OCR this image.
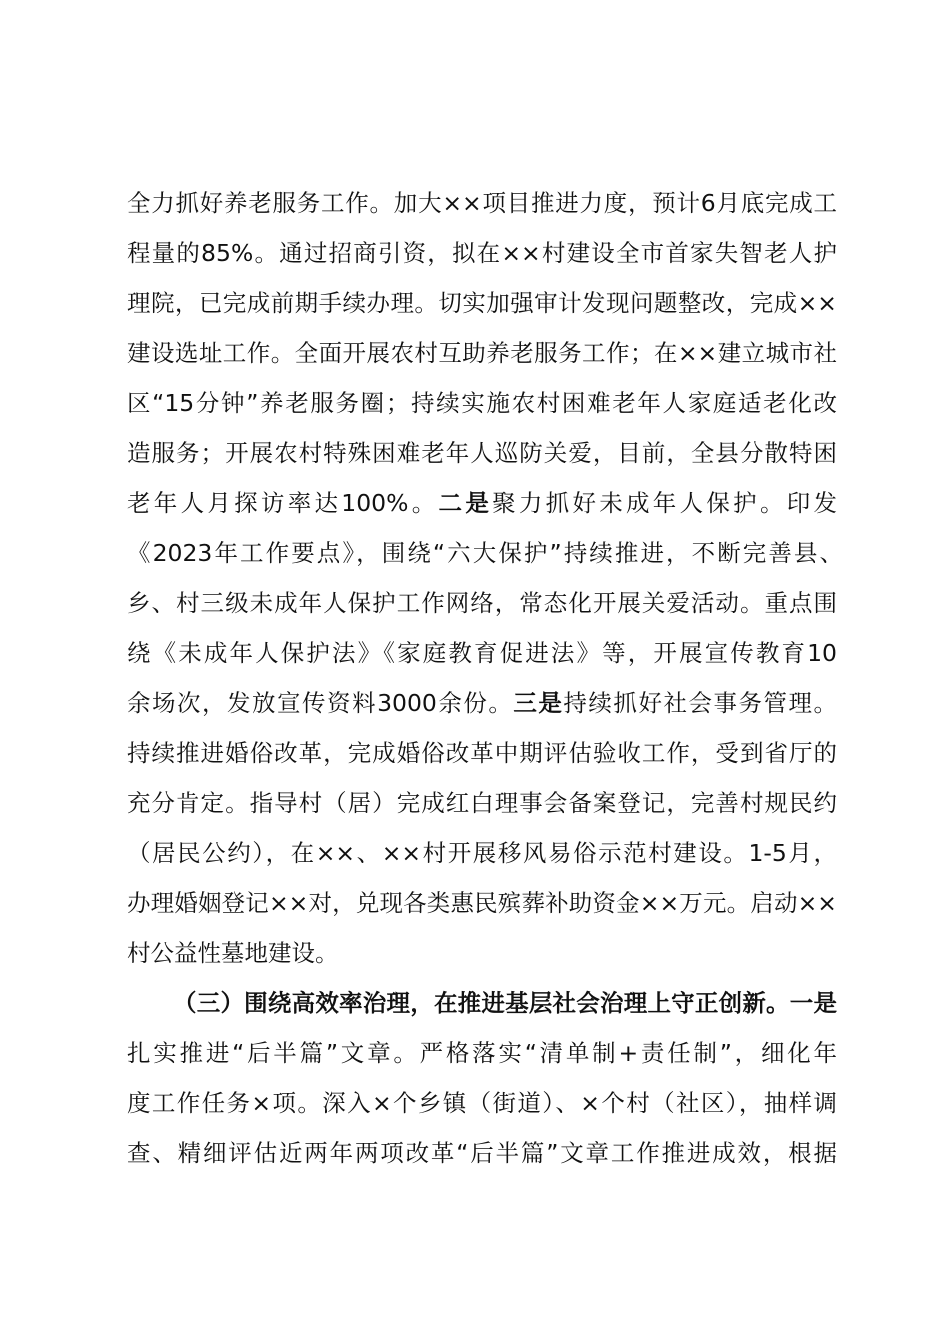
全力抓好养老服务工作。加大××项目推进力度，预计6月底完成工
程量的85%。通过招商引资，拟在××村建设全市首家失智老人护
理院，已完成前期手续办理。切实加强审计发现问题整改，完成××
建设选址工作。全面开展农村互助养老服务工作；在××建立城市社
区“15分钟”养老服务圈；持续实施农村困难老年人家庭适老化改
造服务；开展农村特殊困难老年人巡防关爱，目前，全县分散特困
老年人月探访率达100%。二是聚力抓好未成年人保护。印发
《2023年工作要点》，围绕“六大保护”持续推进，不断完善县、
乡、村三级未成年人保护工作网络，常态化开展关爱活动。重点围
绕《未成年人保护法》《家庭教育促进法》等，开展宣传教育10
余场次，发放宣传资料3000余份。三是持续抓好社会事务管理。
持续推进婚俗改革，完成婚俗改革中期评估验收工作，受到省厅的
充分肯定。指导村（居）完成红白理事会备案登记，完善村规民约
（居民公约），在××、××村开展移风易俗示范村建设。1-5月，
办理婚姻登记××对，兑现各类惠民殡葬补助资金××万元。启动××
村公益性墓地建设。
（三）围绕高效率治理，在推进基层社会治理上守正创新。一是
扎实推进“后半篇”文章。严格落实“清单制+责任制”，细化年
度工作任务×项。深入×个乡镇（街道）、×个村（社区），抽样调
查、精细评估近两年两项改革“后半篇”文章工作推进成效，根据
